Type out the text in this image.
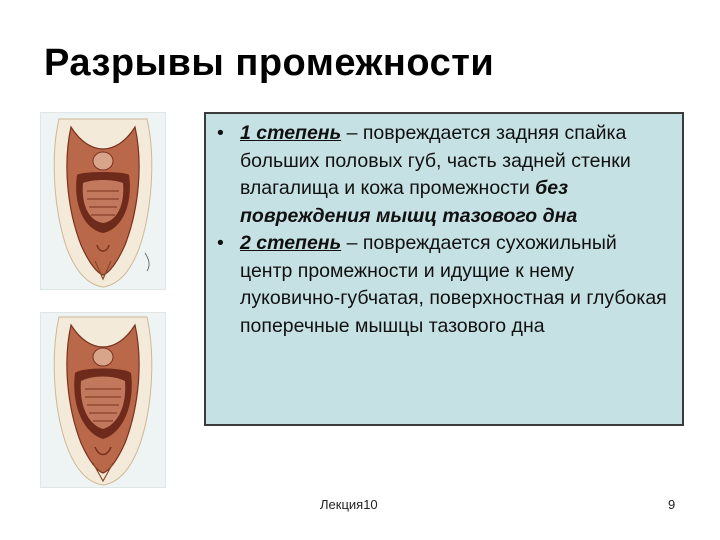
Разрывы промежности
• 1 степень – повреждается задняя спайка больших половых губ, часть задней стенки влагалища и кожа промежности без повреждения мышц тазового дна
• 2 степень – повреждается сухожильный центр промежности и идущие к нему луковично-губчатая, поверхностная и глубокая поперечные мышцы тазового дна
Лекция10	9
